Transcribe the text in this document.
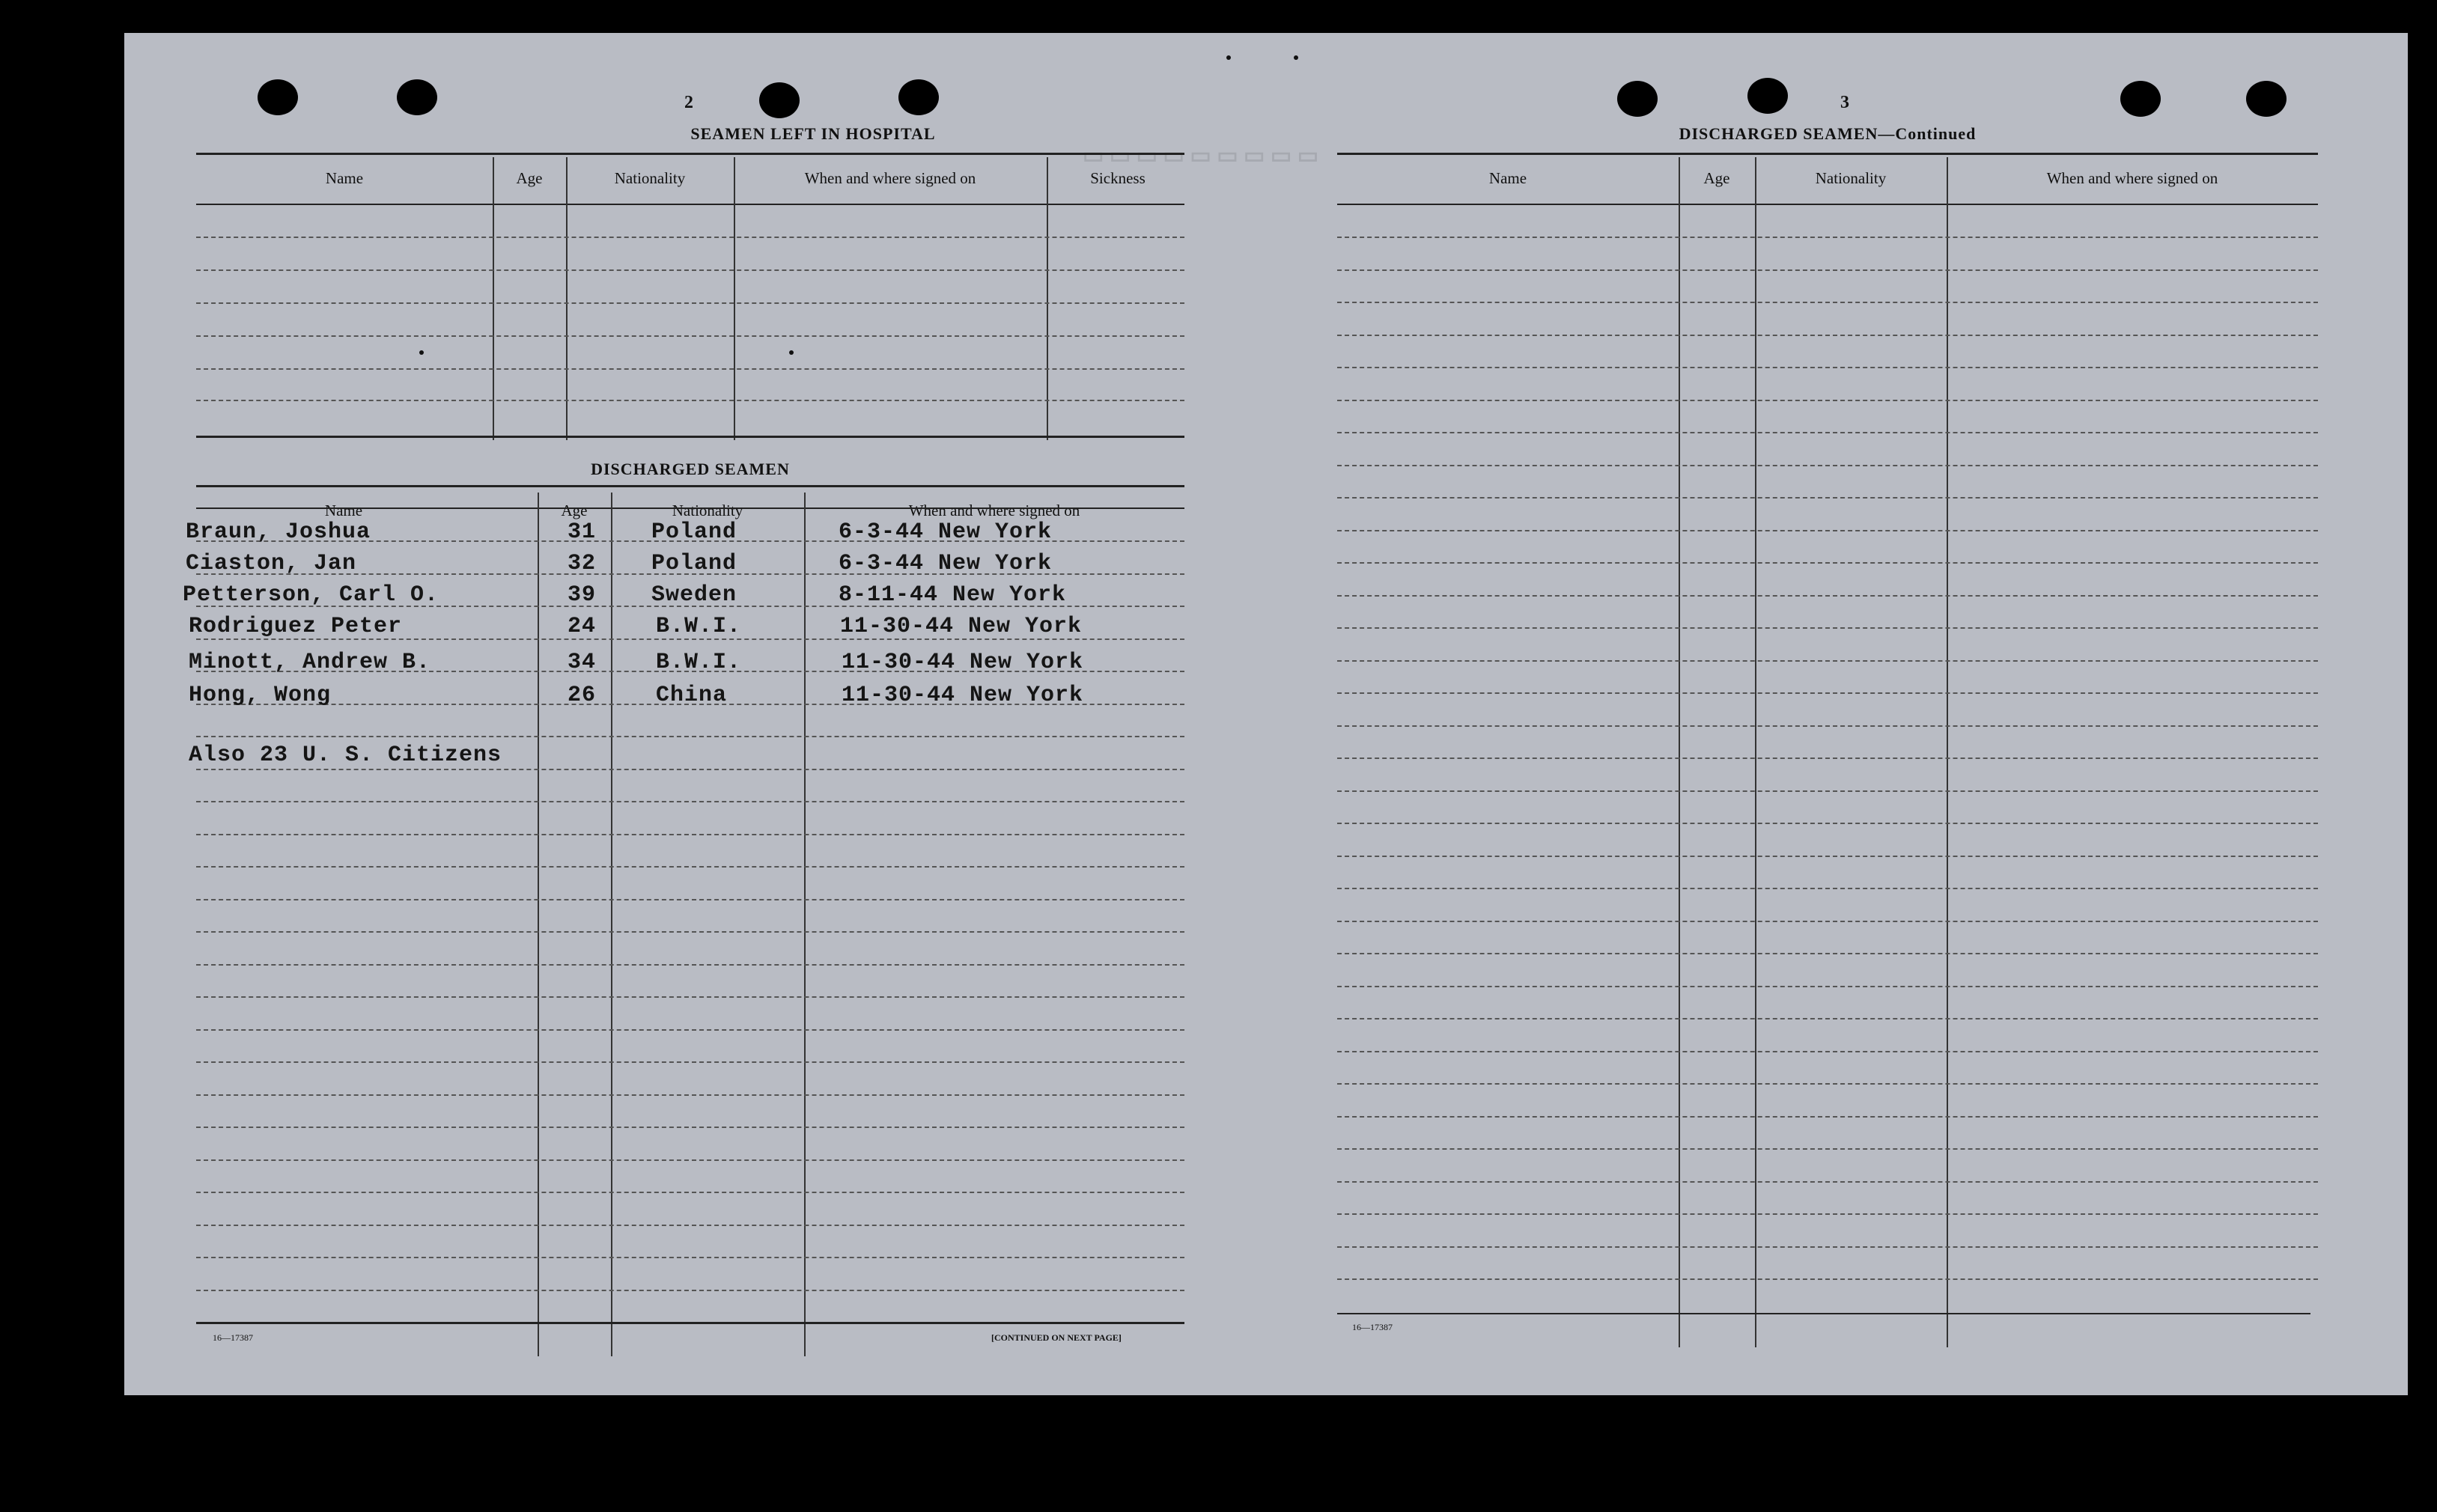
▭ ▭ ▭ ▭ ▭ ▭ ▭ ▭ ▭
2
SEAMEN LEFT IN HOSPITAL
Name	Age	Nationality	When and where signed on	Sickness
DISCHARGED SEAMEN
Name	Age	Nationality	When and where signed on
Braun, Joshua	31 Poland	6-3-44 New York
Ciaston, Jan	32 Poland	6-3-44 New York
Petterson, Carl O.	39 Sweden	8-11-44 New York
Rodriguez Peter	24	B.W.I.	11-30-44 New York
Minott, Andrew B.	34	B.W.I.	11-30-44 New York
Hong, Wong	26	China	11-30-44 New York
Also 23 U. S. Citizens
16—17387	[CONTINUED ON NEXT PAGE]
3
DISCHARGED SEAMEN—Continued
Name	Age	Nationality	When and where signed on
16—17387
